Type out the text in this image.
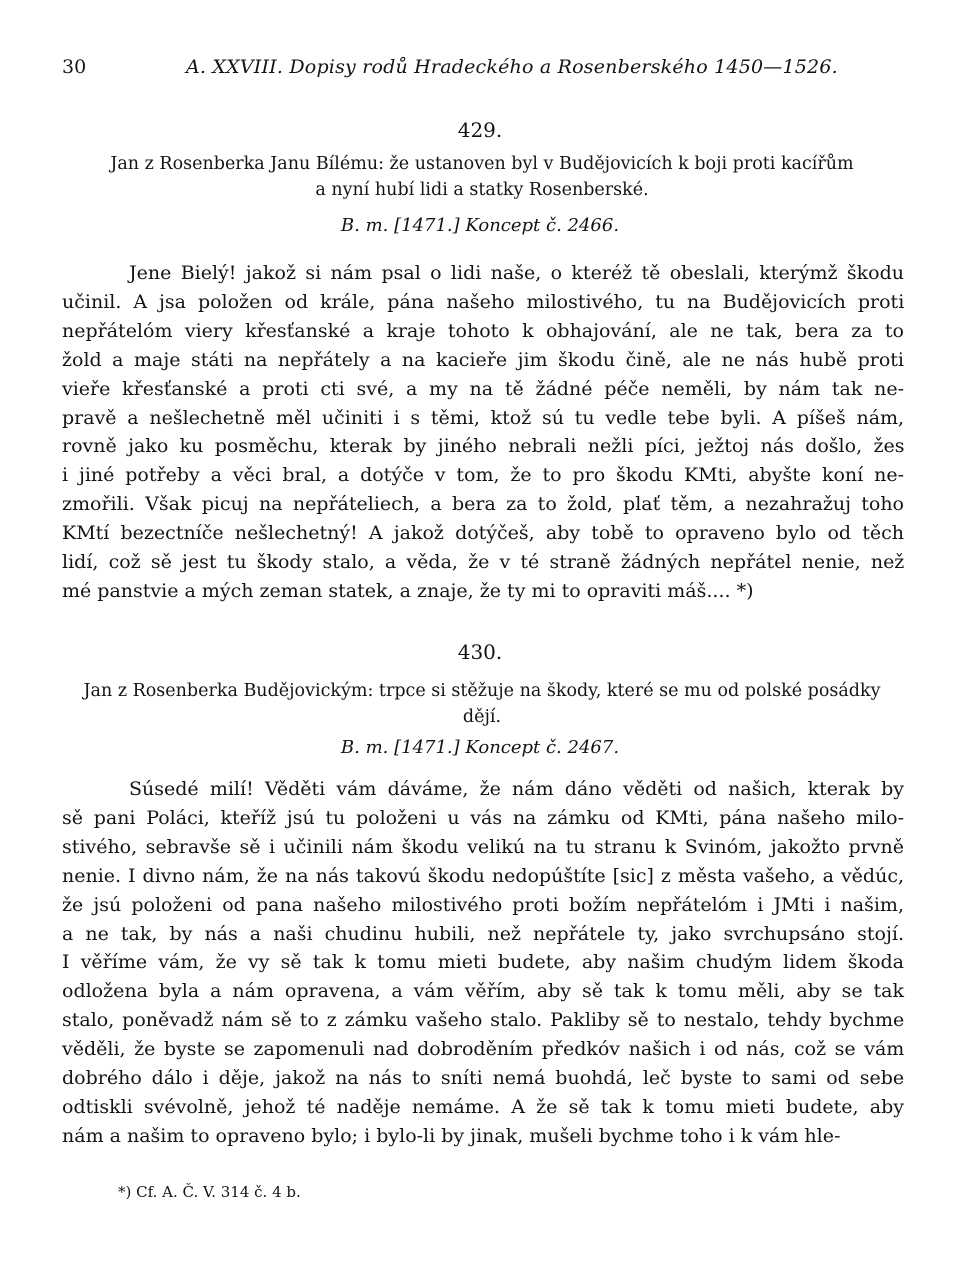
30	A. XXVIII. Dopisy rodů Hradeckého a Rosenberského 1450—1526.
429.
Jan z Rosenberka Janu Bílému: že ustanoven byl v Budějovicích k boji proti kacířům
a nyní hubí lidi a statky Rosenberské.
B. m. [1471.] Koncept č. 2466.
Jene Bielý! jakož si nám psal o lidi naše, o kteréž tě obeslali, kterýmž škodu
učinil. A jsa položen od krále, pána našeho milostivého, tu na Budějovicích proti
nepřátelóm viery křesťanské a kraje tohoto k obhajování, ale ne tak, bera za to
žold a maje státi na nepřátely a na kacieře jim škodu čině, ale ne nás hubě proti
vieře křesťanské a proti cti své, a my na tě žádné péče neměli, by nám tak ne-
pravě a nešlechetně měl učiniti i s těmi, ktož sú tu vedle tebe byli. A píšeš nám,
rovně jako ku posměchu, kterak by jiného nebrali nežli píci, ježtoj nás došlo, žes
i jiné potřeby a věci bral, a dotýče v tom, že to pro škodu KMti, abyšte koní ne-
zmořili. Však picuj na nepřáteliech, a bera za to žold, plať těm, a nezahražuj toho
KMtí bezectníče nešlechetný! A jakož dotýčeš, aby tobě to opraveno bylo od těch
lidí, což sě jest tu škody stalo, a věda, že v té straně žádných nepřátel nenie, než
mé panstvie a mých zeman statek, a znaje, že ty mi to opraviti máš.... *)
430.
Jan z Rosenberka Budějovickým: trpce si stěžuje na škody, které se mu od polské posádky
dějí.
B. m. [1471.] Koncept č. 2467.
Súsedé milí! Věděti vám dáváme, že nám dáno věděti od našich, kterak by
sě pani Poláci, kteříž jsú tu položeni u vás na zámku od KMti, pána našeho milo-
stivého, sebravše sě i učinili nám škodu velikú na tu stranu k Svinóm, jakožto prvně
nenie. I divno nám, že na nás takovú škodu nedopúštíte [sic] z města vašeho, a vědúc,
že jsú položeni od pana našeho milostivého proti božím nepřátelóm i JMti i našim,
a ne tak, by nás a naši chudinu hubili, než nepřátele ty, jako svrchupsáno stojí.
I věříme vám, že vy sě tak k tomu mieti budete, aby našim chudým lidem škoda
odložena byla a nám opravena, a vám věřím, aby sě tak k tomu měli, aby se tak
stalo, poněvadž nám sě to z zámku vašeho stalo. Pakliby sě to nestalo, tehdy bychme
věděli, že byste se zapomenuli nad dobroděním předkóv našich i od nás, což se vám
dobrého dálo i děje, jakož na nás to sníti nemá buohdá, leč byste to sami od sebe
odtiskli svévolně, jehož té naděje nemáme. A že sě tak k tomu mieti budete, aby
nám a našim to opraveno bylo; i bylo-li by jinak, mušeli bychme toho i k vám hle-
*) Cf. A. Č. V. 314 č. 4 b.
